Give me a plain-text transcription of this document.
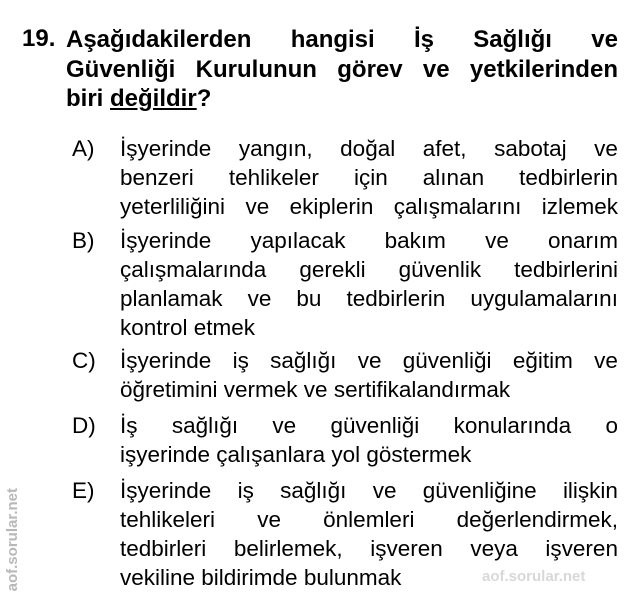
19. Aşağıdakilerden hangisi İş Sağlığı ve
Güvenliği Kurulunun görev ve yetkilerinden
biri değildir?
A) İşyerinde yangın, doğal afet, sabotaj ve
benzeri tehlikeler için alınan tedbirlerin
yeterliliğini ve ekiplerin çalışmalarını izlemek
B) İşyerinde yapılacak bakım ve onarım
çalışmalarında gerekli güvenlik tedbirlerini
planlamak ve bu tedbirlerin uygulamalarını
kontrol etmek
C) İşyerinde iş sağlığı ve güvenliği eğitim ve
öğretimini vermek ve sertifikalandırmak
D) İş sağlığı ve güvenliği konularında o
işyerinde çalışanlara yol göstermek
E) İşyerinde iş sağlığı ve güvenliğine ilişkin
tehlikeleri ve önlemleri değerlendirmek,
tedbirleri belirlemek, işveren veya işveren
vekiline bildirimde bulunmak	aof.sorular.net
aof.sorular.net
